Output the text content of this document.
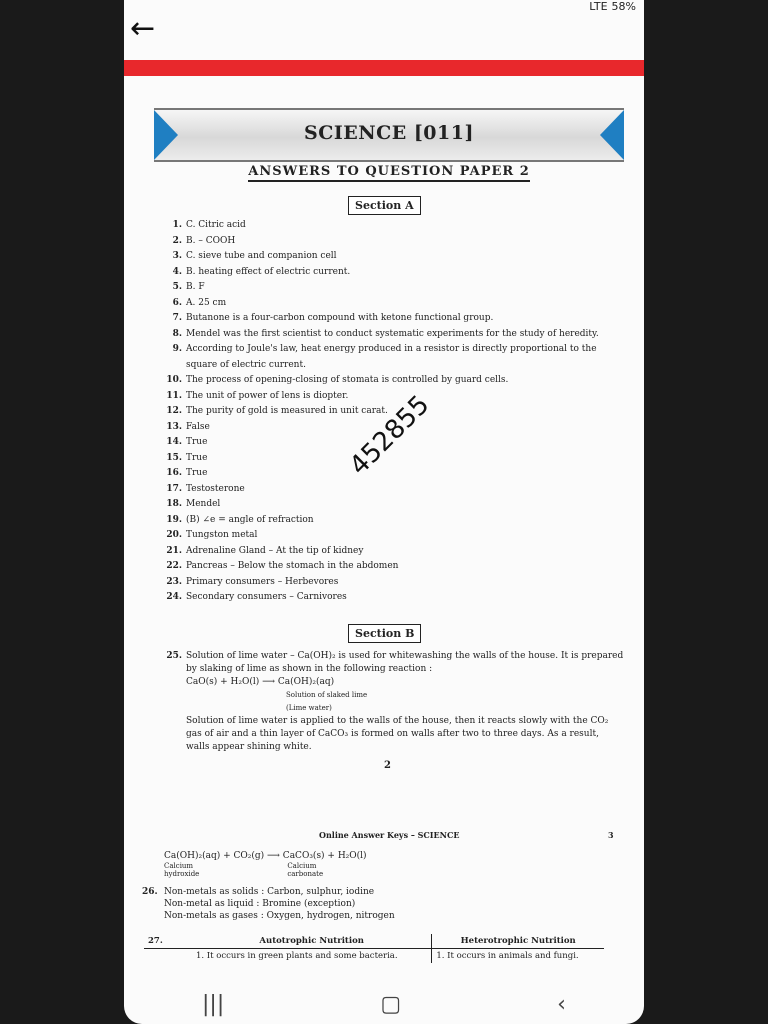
LTE 58%
←
SCIENCE [011]
ANSWERS TO QUESTION PAPER 2
Section A
1. C. Citric acid
2. B. – COOH
3. C. sieve tube and companion cell
4. B. heating effect of electric current.
5. B. F
6. A. 25 cm
7. Butanone is a four-carbon compound with ketone functional group.
8. Mendel was the first scientist to conduct systematic experiments for the study of heredity.
9. According to Joule's law, heat energy produced in a resistor is directly proportional to the square of electric current.
10. The process of opening-closing of stomata is controlled by guard cells.
11. The unit of power of lens is diopter.
12. The purity of gold is measured in unit carat.
13. False
14. True
15. True
16. True
17. Testosterone
18. Mendel
19. (B) ∠e = angle of refraction
20. Tungston metal
21. Adrenaline Gland – At the tip of kidney
22. Pancreas – Below the stomach in the abdomen
23. Primary consumers – Herbevores
24. Secondary consumers – Carnivores
452855
Section B
25. Solution of lime water – Ca(OH)₂ is used for whitewashing the walls of the house. It is prepared by slaking of lime as shown in the following reaction :
CaO(s) + H₂O(l) ⟶ Ca(OH)₂(aq)
Solution of slaked lime
(Lime water)
Solution of lime water is applied to the walls of the house, then it reacts slowly with the CO₂ gas of air and a thin layer of CaCO₃ is formed on walls after two to three days. As a result, walls appear shining white.
2
Online Answer Keys – SCIENCE	3
Ca(OH)₂(aq) + CO₂(g) ⟶ CaCO₃(s) + H₂O(l)
Calcium
hydroxide
Calcium
carbonate
26. Non-metals as solids : Carbon, sulphur, iodine
Non-metal as liquid : Bromine (exception)
Non-metals as gases : Oxygen, hydrogen, nitrogen
27.	Autotrophic Nutrition	Heterotrophic Nutrition
	1. It occurs in green plants and some bacteria.	1. It occurs in animals and fungi.
|||	▢	‹
